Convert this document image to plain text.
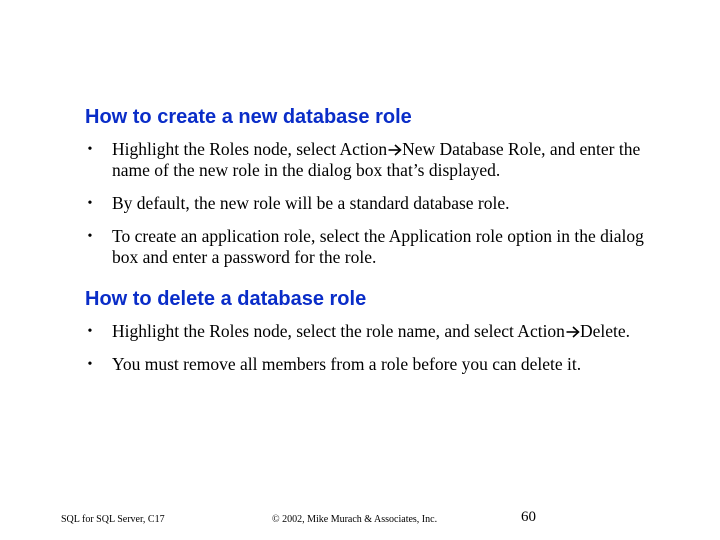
How to create a new database role
• Highlight the Roles node, select Action New Database Role, and enter the name of the new role in the dialog box that’s displayed.
• By default, the new role will be a standard database role.
• To create an application role, select the Application role option in the dialog box and enter a password for the role.
How to delete a database role
• Highlight the Roles node, select the role name, and select Action Delete.
• You must remove all members from a role before you can delete it.
SQL for SQL Server, C17	© 2002, Mike Murach & Associates, Inc.	60
